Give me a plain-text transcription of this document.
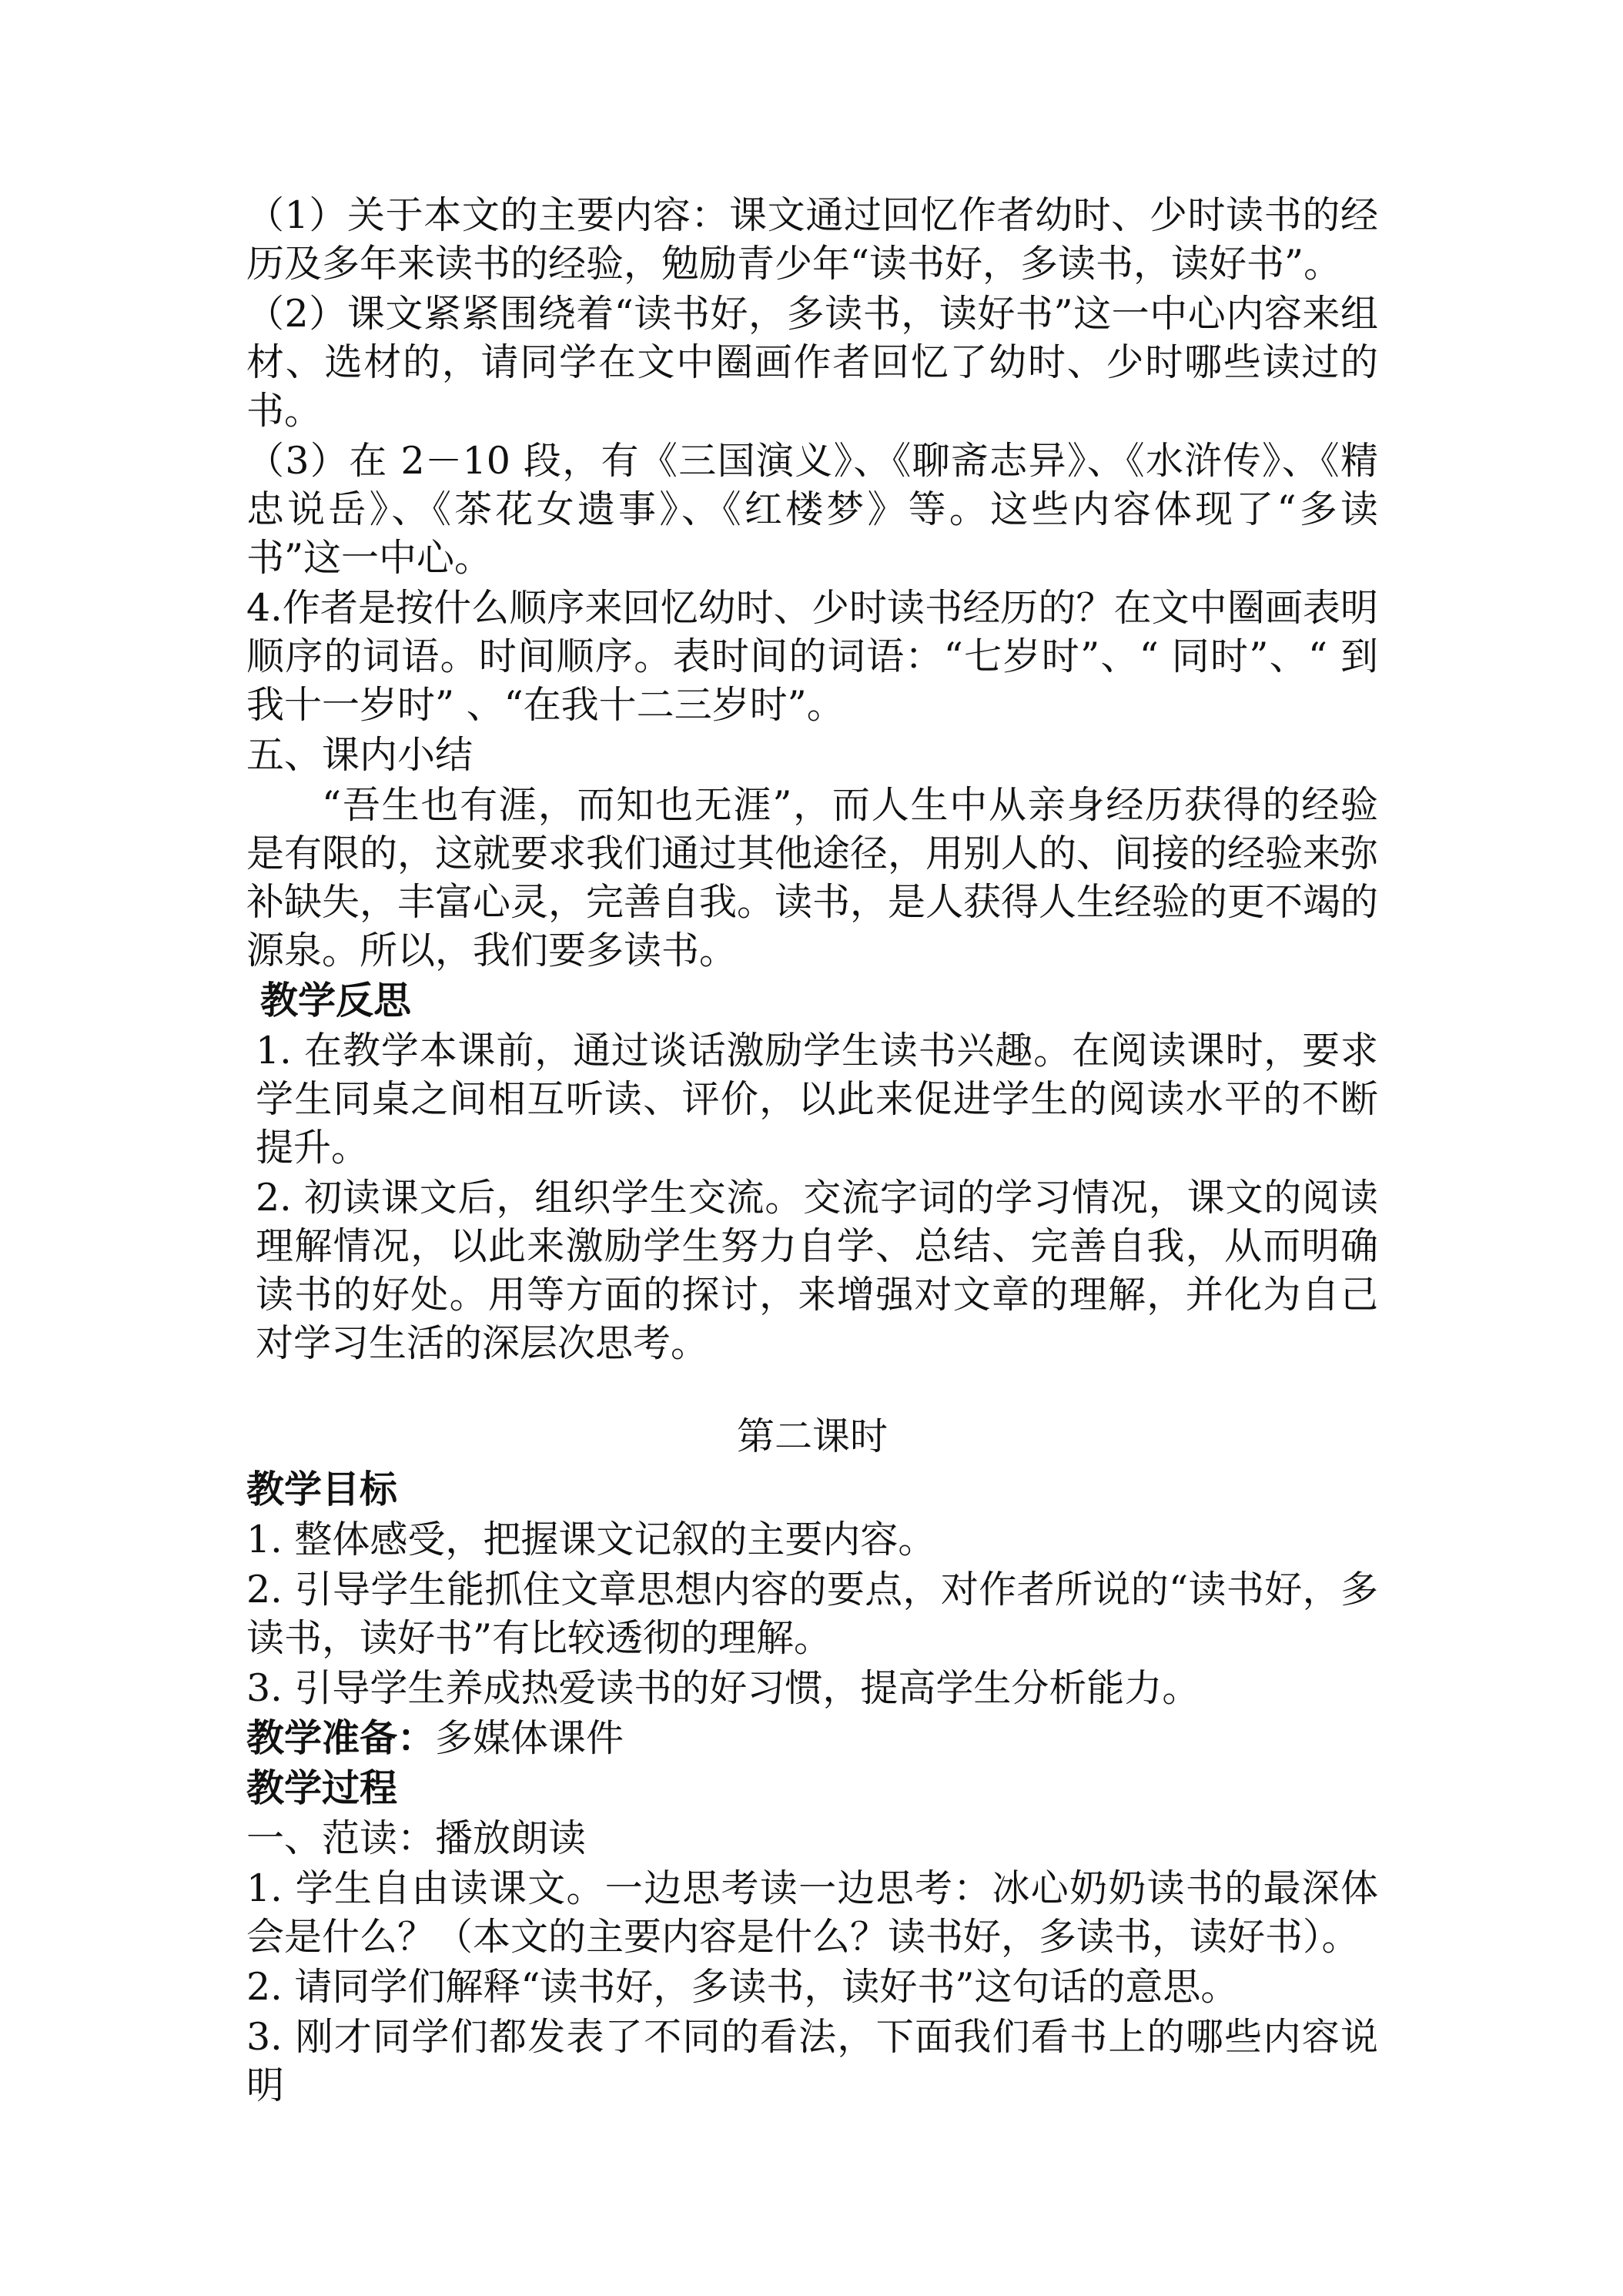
（1）关于本文的主要内容：课文通过回忆作者幼时、少时读书的经历及多年来读书的经验，勉励青少年“读书好，多读书，读好书”。

（2）课文紧紧围绕着“读书好，多读书，读好书”这一中心内容来组材、选材的，请同学在文中圈画作者回忆了幼时、少时哪些读过的书。

（3）在 2－10 段，有《三国演义》、《聊斋志异》、《水浒传》、《精忠说岳》、《茶花女遗事》、《红楼梦》等。这些内容体现了“多读书”这一中心。

4.作者是按什么顺序来回忆幼时、少时读书经历的？在文中圈画表明顺序的词语。时间顺序。表时间的词语：“七岁时”、“ 同时”、“ 到我十一岁时” 、“在我十二三岁时”。

五、课内小结

“吾生也有涯，而知也无涯”，而人生中从亲身经历获得的经验是有限的，这就要求我们通过其他途径，用别人的、间接的经验来弥补缺失，丰富心灵，完善自我。读书，是人获得人生经验的更不竭的源泉。所以，我们要多读书。

教学反思

1. 在教学本课前，通过谈话激励学生读书兴趣。在阅读课时，要求学生同桌之间相互听读、评价，以此来促进学生的阅读水平的不断提升。

2. 初读课文后，组织学生交流。交流字词的学习情况，课文的阅读理解情况，以此来激励学生努力自学、总结、完善自我，从而明确读书的好处。用等方面的探讨，来增强对文章的理解，并化为自己对学习生活的深层次思考。

第二课时

教学目标

1. 整体感受，把握课文记叙的主要内容。

2. 引导学生能抓住文章思想内容的要点，对作者所说的“读书好，多读书，读好书”有比较透彻的理解。

3. 引导学生养成热爱读书的好习惯，提高学生分析能力。

教学准备：多媒体课件

教学过程

一、范读：播放朗读

1. 学生自由读课文。一边思考读一边思考：冰心奶奶读书的最深体会是什么？（本文的主要内容是什么？读书好，多读书，读好书）。

2. 请同学们解释“读书好，多读书，读好书”这句话的意思。

3. 刚才同学们都发表了不同的看法，下面我们看书上的哪些内容说明
